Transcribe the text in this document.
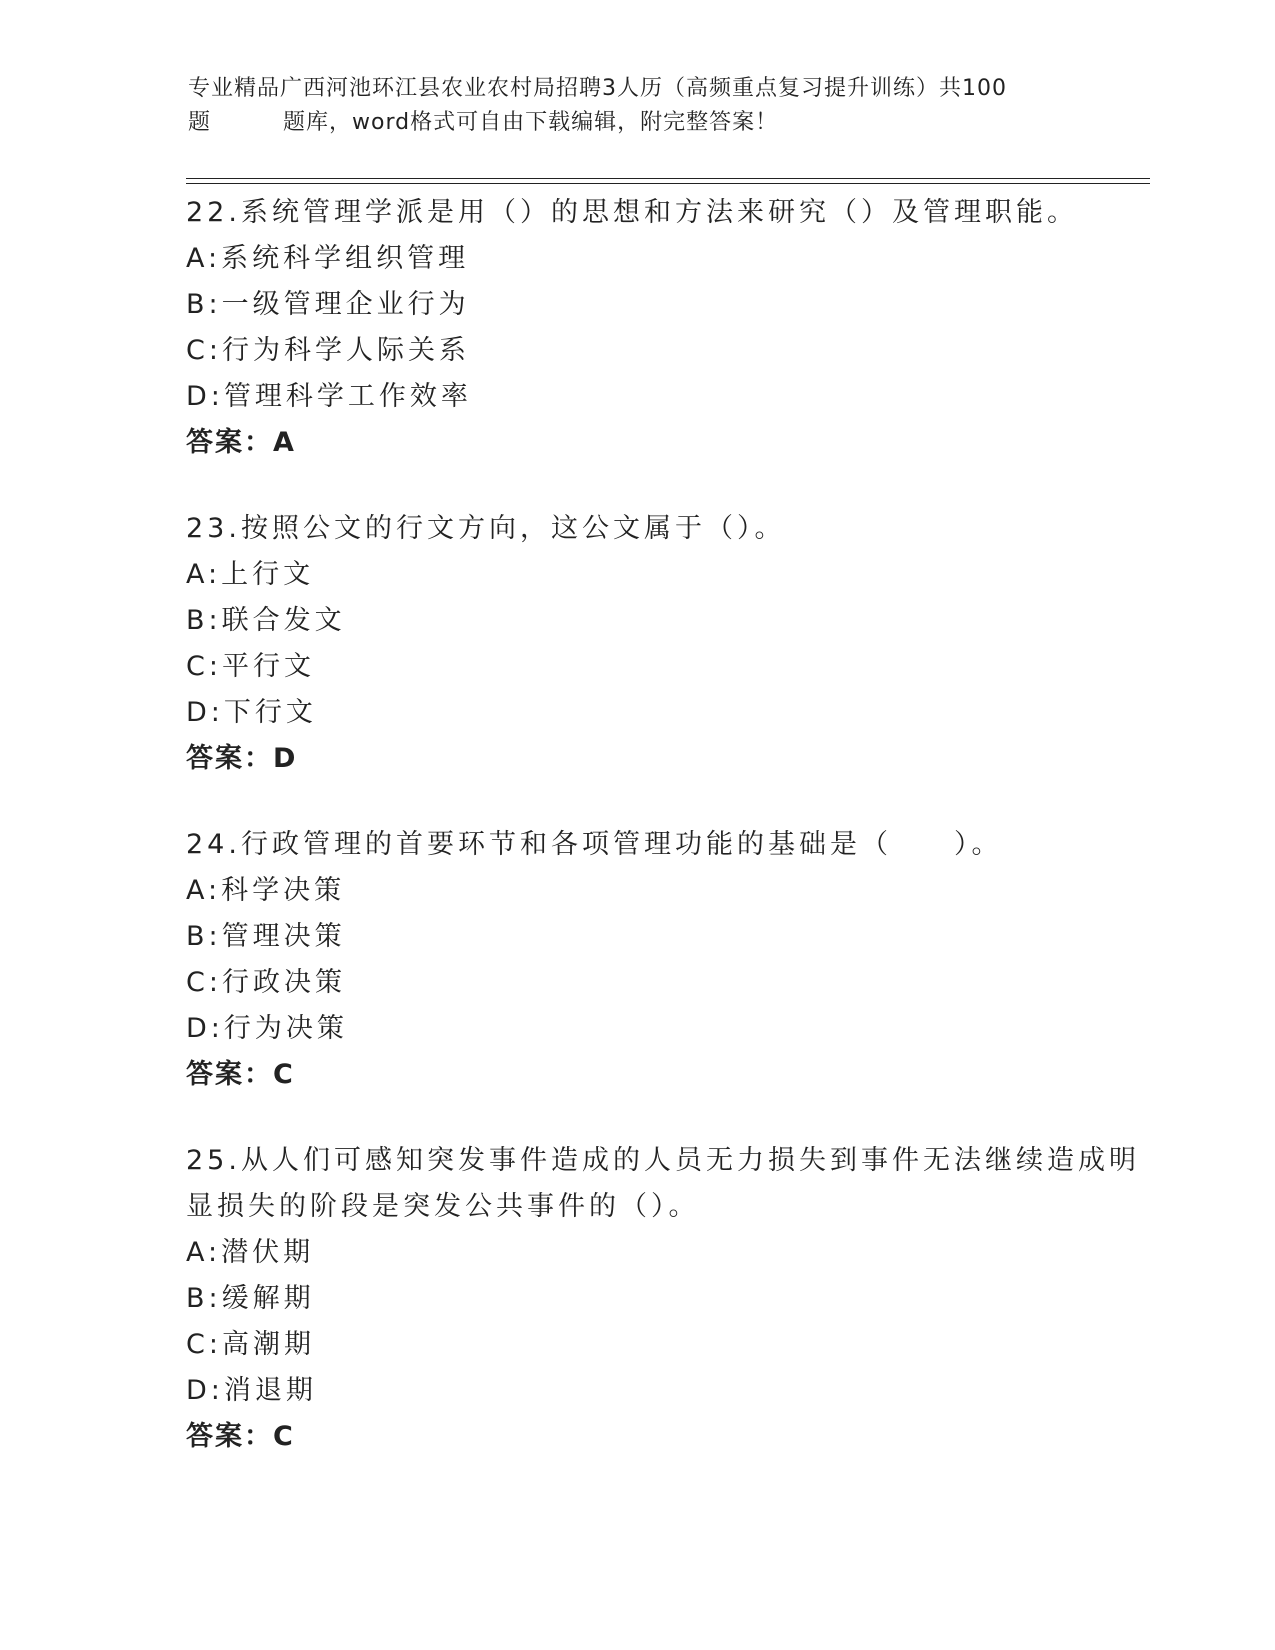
专业精品广西河池环江县农业农村局招聘3人历（高频重点复习提升训练）共100
题	题库，word格式可自由下载编辑，附完整答案！
22.系统管理学派是用（）的思想和方法来研究（）及管理职能。
A:系统科学组织管理
B:一级管理企业行为
C:行为科学人际关系
D:管理科学工作效率
答案：A
23.按照公文的行文方向，这公文属于（）。
A:上行文
B:联合发文
C:平行文
D:下行文
答案：D
24.行政管理的首要环节和各项管理功能的基础是（　　）。
A:科学决策
B:管理决策
C:行政决策
D:行为决策
答案：C
25.从人们可感知突发事件造成的人员无力损失到事件无法继续造成明
显损失的阶段是突发公共事件的（）。
A:潜伏期
B:缓解期
C:高潮期
D:消退期
答案：C
